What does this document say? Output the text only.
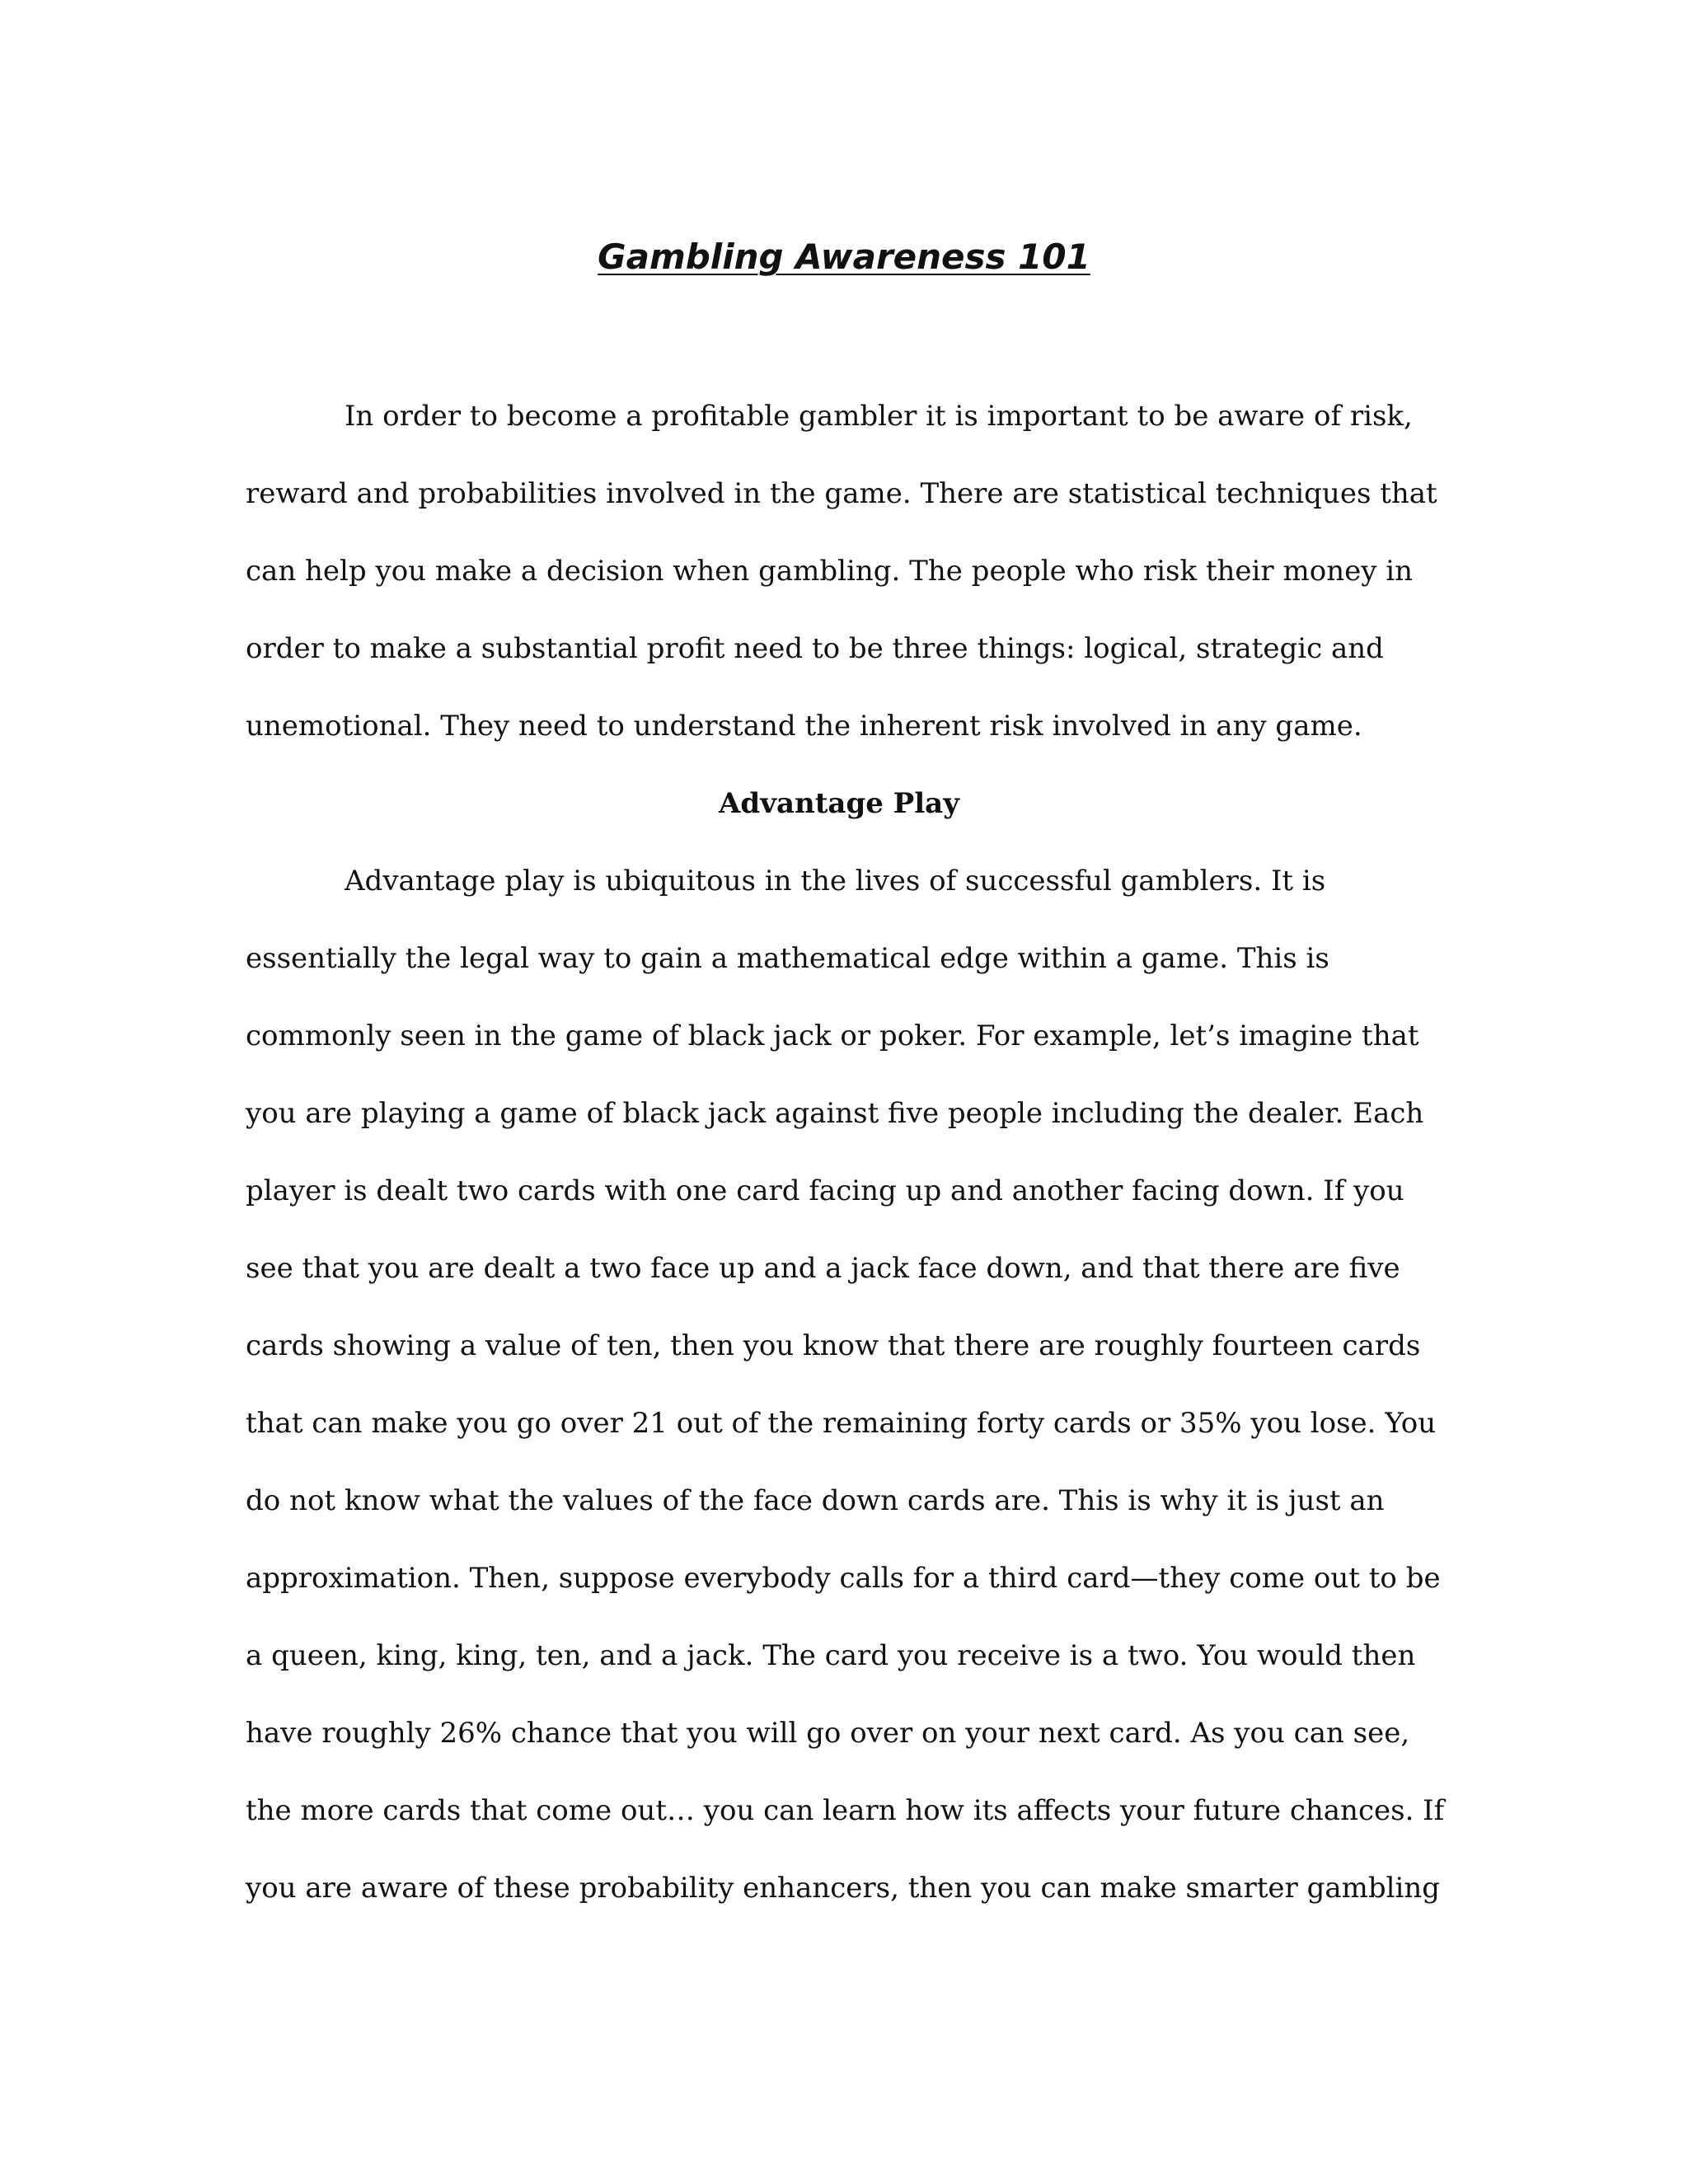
Gambling Awareness 101
In order to become a profitable gambler it is important to be aware of risk,
reward and probabilities involved in the game. There are statistical techniques that
can help you make a decision when gambling. The people who risk their money in
order to make a substantial profit need to be three things: logical, strategic and
unemotional. They need to understand the inherent risk involved in any game.
Advantage Play
Advantage play is ubiquitous in the lives of successful gamblers. It is
essentially the legal way to gain a mathematical edge within a game. This is
commonly seen in the game of black jack or poker. For example, let’s imagine that
you are playing a game of black jack against five people including the dealer. Each
player is dealt two cards with one card facing up and another facing down. If you
see that you are dealt a two face up and a jack face down, and that there are five
cards showing a value of ten, then you know that there are roughly fourteen cards
that can make you go over 21 out of the remaining forty cards or 35% you lose. You
do not know what the values of the face down cards are. This is why it is just an
approximation. Then, suppose everybody calls for a third card—they come out to be
a queen, king, king, ten, and a jack. The card you receive is a two. You would then
have roughly 26% chance that you will go over on your next card. As you can see,
the more cards that come out… you can learn how its affects your future chances. If
you are aware of these probability enhancers, then you can make smarter gambling
